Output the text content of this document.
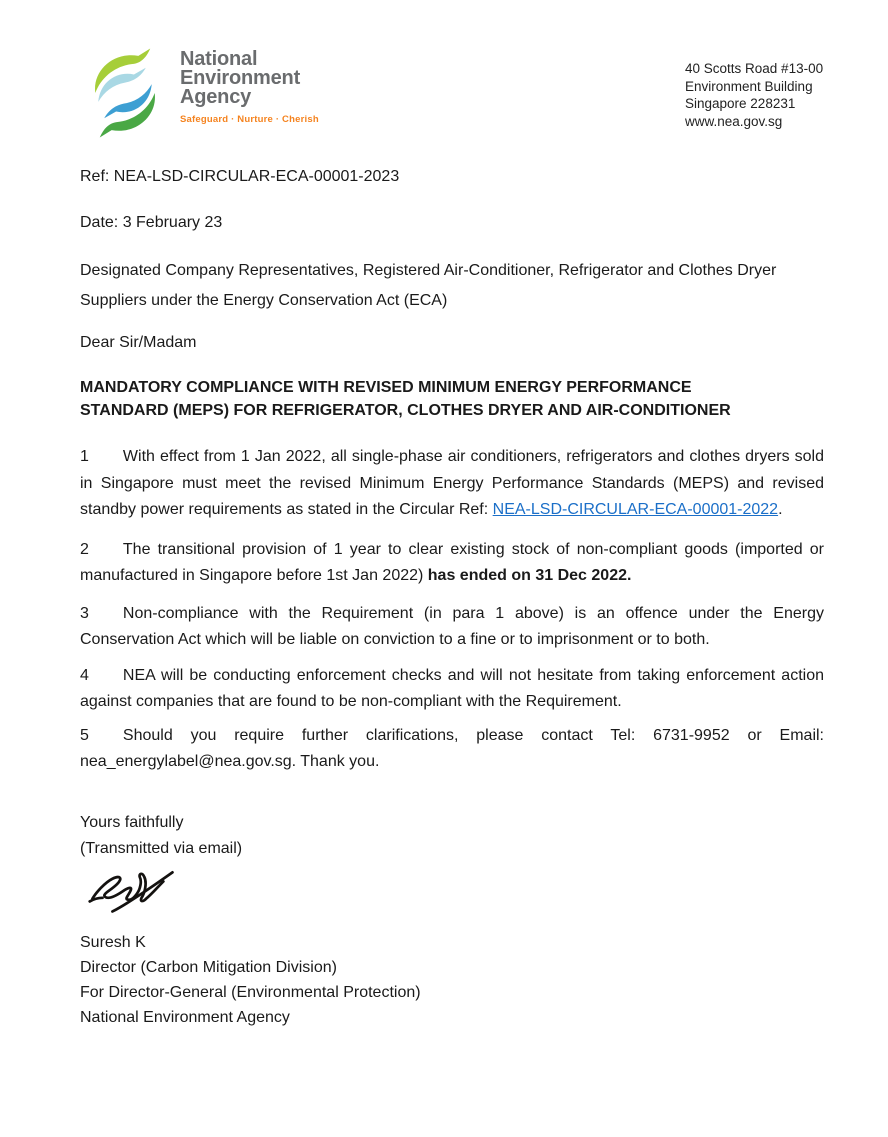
National
Environment
Agency
Safeguard · Nurture · Cherish
40 Scotts Road #13-00
Environment Building
Singapore 228231
www.nea.gov.sg
Ref: NEA-LSD-CIRCULAR-ECA-00001-2023
Date: 3 February 23
Designated Company Representatives, Registered Air-Conditioner, Refrigerator and Clothes Dryer
Suppliers under the Energy Conservation Act (ECA)
Dear Sir/Madam
MANDATORY COMPLIANCE WITH REVISED MINIMUM ENERGY PERFORMANCE
STANDARD (MEPS) FOR REFRIGERATOR, CLOTHES DRYER AND AIR-CONDITIONER

1 With effect from 1 Jan 2022, all single-phase air conditioners, refrigerators and clothes dryers sold in Singapore must meet the revised Minimum Energy Performance Standards (MEPS) and revised standby power requirements as stated in the Circular Ref: NEA-LSD-CIRCULAR-ECA-00001-2022.

2 The transitional provision of 1 year to clear existing stock of non-compliant goods (imported or manufactured in Singapore before 1st Jan 2022) has ended on 31 Dec 2022.

3 Non-compliance with the Requirement (in para 1 above) is an offence under the Energy Conservation Act which will be liable on conviction to a fine or to imprisonment or to both.

4 NEA will be conducting enforcement checks and will not hesitate from taking enforcement action against companies that are found to be non-compliant with the Requirement.

5 Should you require further clarifications, please contact Tel: 6731-9952 or Email: nea_energylabel@nea.gov.sg. Thank you.

Yours faithfully
(Transmitted via email)
Suresh K
Director (Carbon Mitigation Division)
For Director-General (Environmental Protection)
National Environment Agency
